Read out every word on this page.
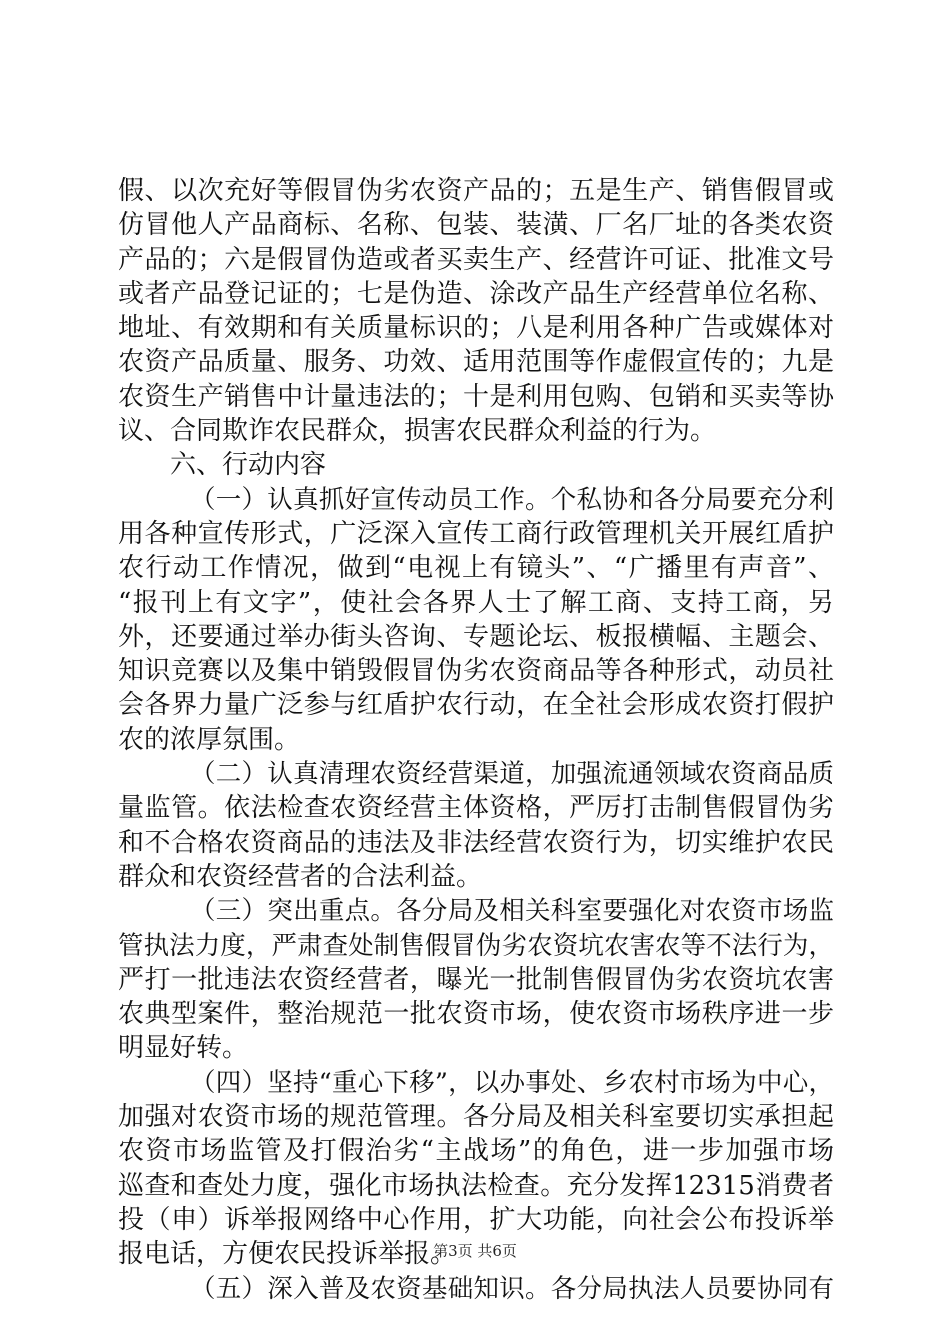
假、以次充好等假冒伪劣农资产品的；五是生产、销售假冒或
仿冒他人产品商标、名称、包装、装潢、厂名厂址的各类农资
产品的；六是假冒伪造或者买卖生产、经营许可证、批准文号
或者产品登记证的；七是伪造、涂改产品生产经营单位名称、
地址、有效期和有关质量标识的；八是利用各种广告或媒体对
农资产品质量、服务、功效、适用范围等作虚假宣传的；九是
农资生产销售中计量违法的；十是利用包购、包销和买卖等协
议、合同欺诈农民群众，损害农民群众利益的行为。
六、行动内容
（一）认真抓好宣传动员工作。个私协和各分局要充分利
用各种宣传形式，广泛深入宣传工商行政管理机关开展红盾护
农行动工作情况，做到“电视上有镜头”、“广播里有声音”、
“报刊上有文字”，使社会各界人士了解工商、支持工商，另
外，还要通过举办街头咨询、专题论坛、板报横幅、主题会、
知识竞赛以及集中销毁假冒伪劣农资商品等各种形式，动员社
会各界力量广泛参与红盾护农行动，在全社会形成农资打假护
农的浓厚氛围。
（二）认真清理农资经营渠道，加强流通领域农资商品质
量监管。依法检查农资经营主体资格，严厉打击制售假冒伪劣
和不合格农资商品的违法及非法经营农资行为，切实维护农民
群众和农资经营者的合法利益。
（三）突出重点。各分局及相关科室要强化对农资市场监
管执法力度，严肃查处制售假冒伪劣农资坑农害农等不法行为，
严打一批违法农资经营者，曝光一批制售假冒伪劣农资坑农害
农典型案件，整治规范一批农资市场，使农资市场秩序进一步
明显好转。
（四）坚持“重心下移”，以办事处、乡农村市场为中心，
加强对农资市场的规范管理。各分局及相关科室要切实承担起
农资市场监管及打假治劣“主战场”的角色，进一步加强市场
巡查和查处力度，强化市场执法检查。充分发挥12315消费者
投（申）诉举报网络中心作用，扩大功能，向社会公布投诉举
报电话，方便农民投诉举报。
（五）深入普及农资基础知识。各分局执法人员要协同有
第3页 共6页
